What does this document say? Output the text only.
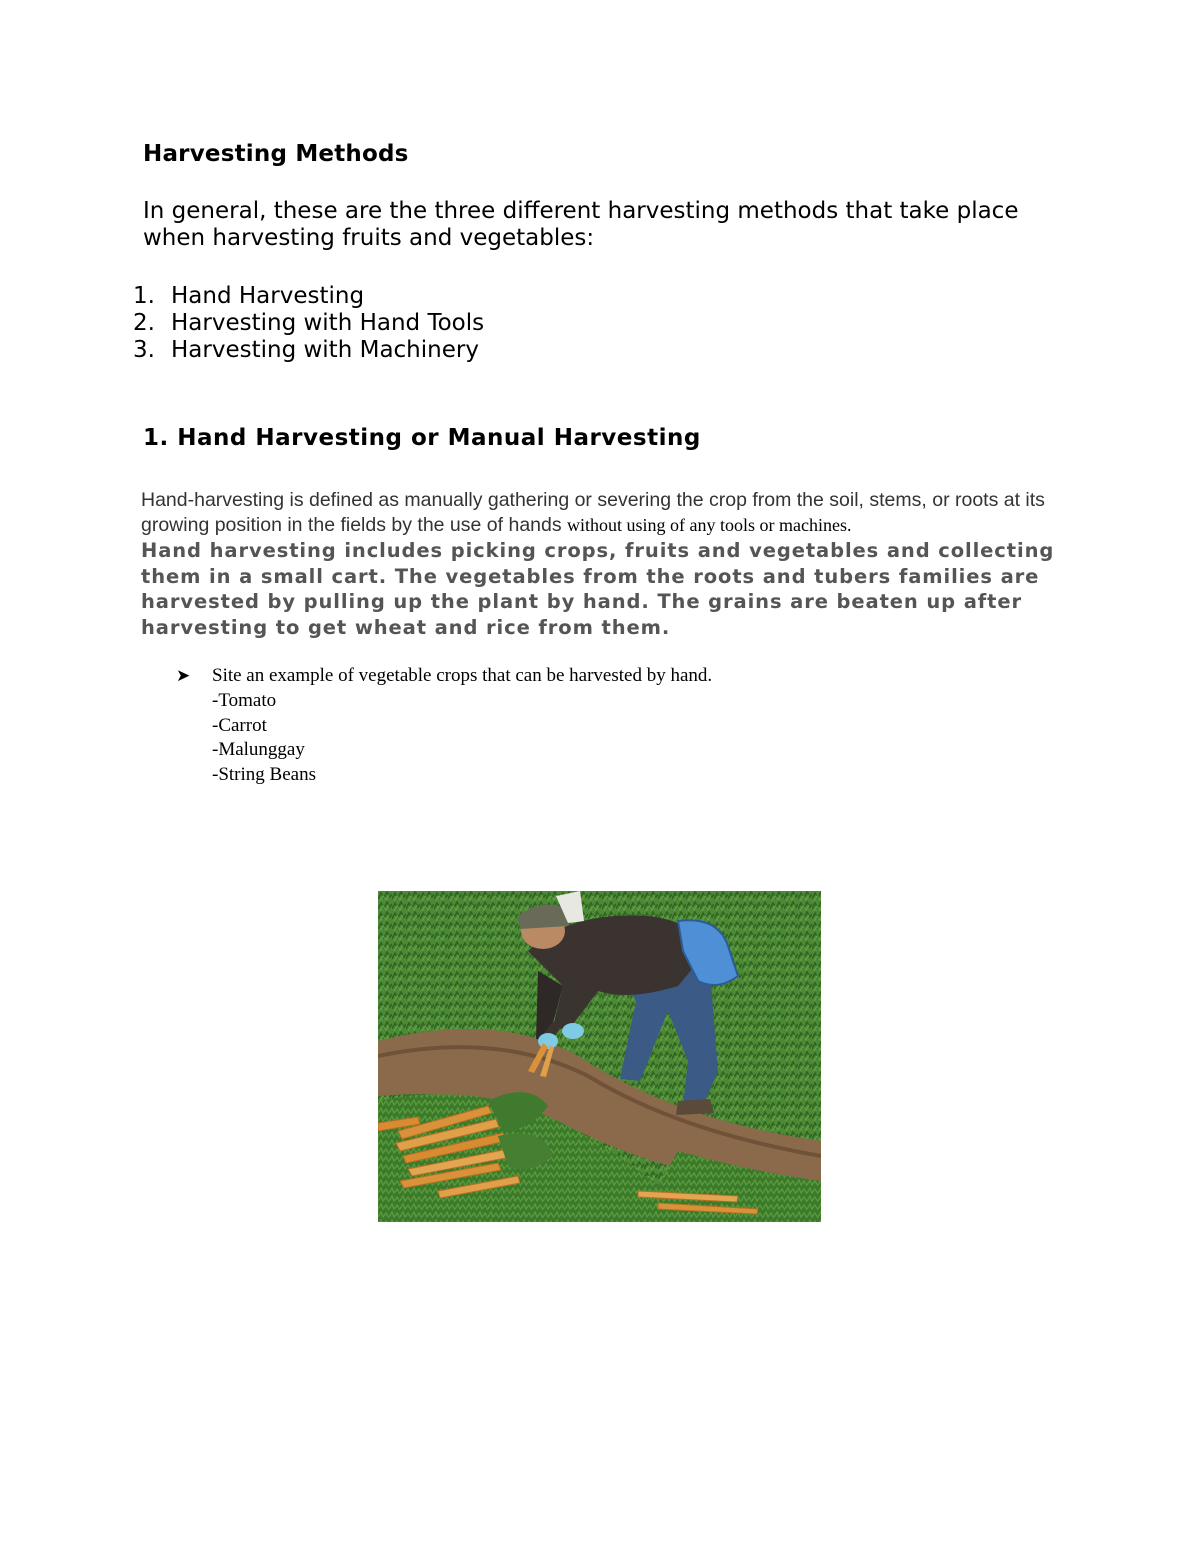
Harvesting Methods

In general, these are the three different harvesting methods that take place when harvesting fruits and vegetables:

1. Hand Harvesting
2. Harvesting with Hand Tools
3. Harvesting with Machinery
1. Hand Harvesting or Manual Harvesting

Hand-harvesting is defined as manually gathering or severing the crop from the soil, stems, or roots at its growing position in the fields by the use of hands without using of any tools or machines.
Hand harvesting includes picking crops, fruits and vegetables and collecting them in a small cart. The vegetables from the roots and tubers families are harvested by pulling up the plant by hand. The grains are beaten up after harvesting to get wheat and rice from them.

➤	Site an example of vegetable crops that can be harvested by hand.
-Tomato
-Carrot
-Malunggay
-String Beans
